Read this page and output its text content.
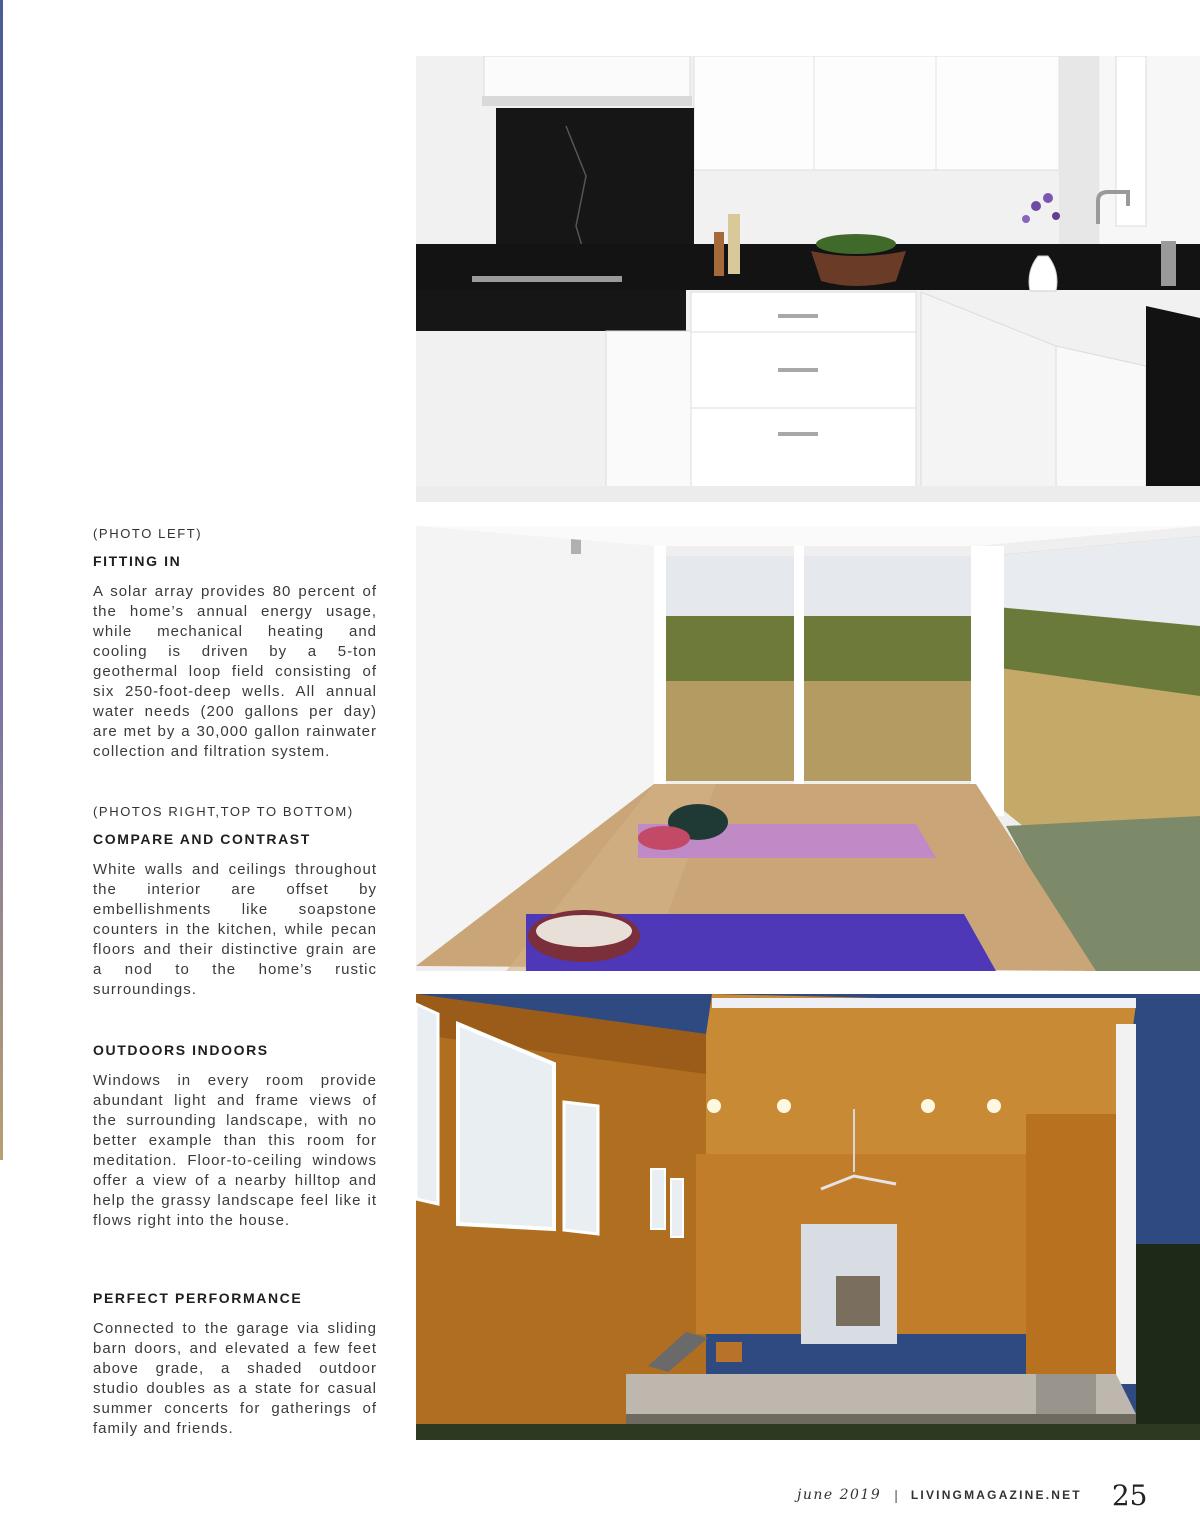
(PHOTO LEFT)

FITTING IN

A solar array provides 80 percent of the home’s annual energy usage, while mechanical heating and cooling is driven by a 5-ton geothermal loop field consisting of six 250-foot-deep wells. All annual water needs (200 gallons per day) are met by a 30,000 gallon rainwater collection and filtration system.

(PHOTOS RIGHT,TOP TO BOTTOM)

COMPARE AND CONTRAST

White walls and ceilings throughout the interior are offset by embellishments like soapstone counters in the kitchen, while pecan floors and their distinctive grain are a nod to the home’s rustic surroundings.

OUTDOORS INDOORS

Windows in every room provide abundant light and frame views of the surrounding landscape, with no better example than this room for meditation. Floor-to-ceiling windows offer a view of a nearby hilltop and help the grassy landscape feel like it flows right into the house.

PERFECT PERFORMANCE

Connected to the garage via sliding barn doors, and elevated a few feet above grade, a shaded outdoor studio doubles as a state for casual summer concerts for gatherings of family and friends.

june 2019 | LIVINGMAGAZINE.NET 25
